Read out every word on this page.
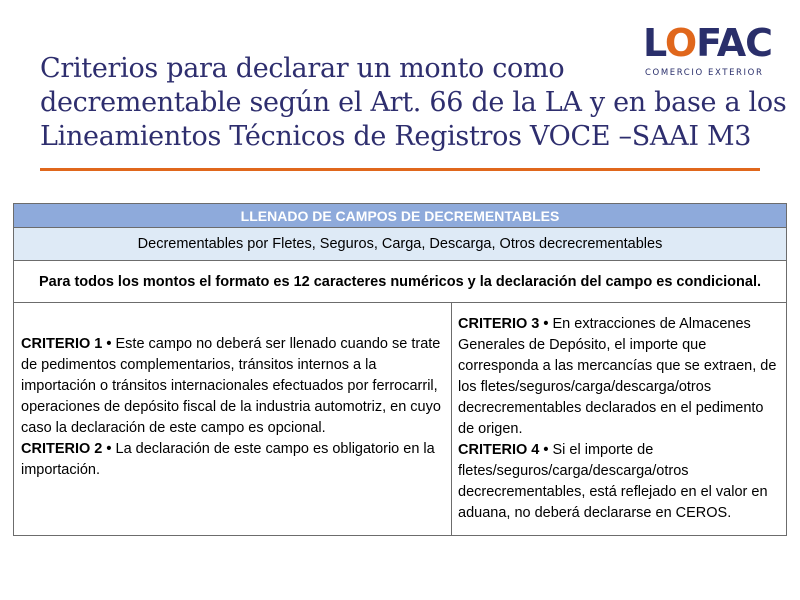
Criterios para declarar un monto como
decrementable según el Art. 66 de la LA y en base a los
Lineamientos Técnicos de Registros VOCE –SAAI M3
LOFAC
COMERCIO EXTERIOR
LLENADO DE CAMPOS DE DECREMENTABLES
Decrementables por Fletes, Seguros, Carga, Descarga, Otros decrecrementables
Para todos los montos el formato es 12 caracteres numéricos y la declaración del campo es condicional.
CRITERIO 1 • Este campo no deberá ser llenado cuando se trate de pedimentos complementarios, tránsitos internos a la importación o tránsitos internacionales efectuados por ferrocarril, operaciones de depósito fiscal de la industria automotriz, en cuyo caso la declaración de este campo es opcional.
CRITERIO 2 • La declaración de este campo es obligatorio en la importación.
CRITERIO 3 • En extracciones de Almacenes Generales de Depósito, el importe que corresponda a las mercancías que se extraen, de los fletes/seguros/carga/descarga/otros decrecrementables declarados en el pedimento de origen.
CRITERIO 4 • Si el importe de fletes/seguros/carga/descarga/otros decrecrementables, está reflejado en el valor en aduana, no deberá declararse en CEROS.
